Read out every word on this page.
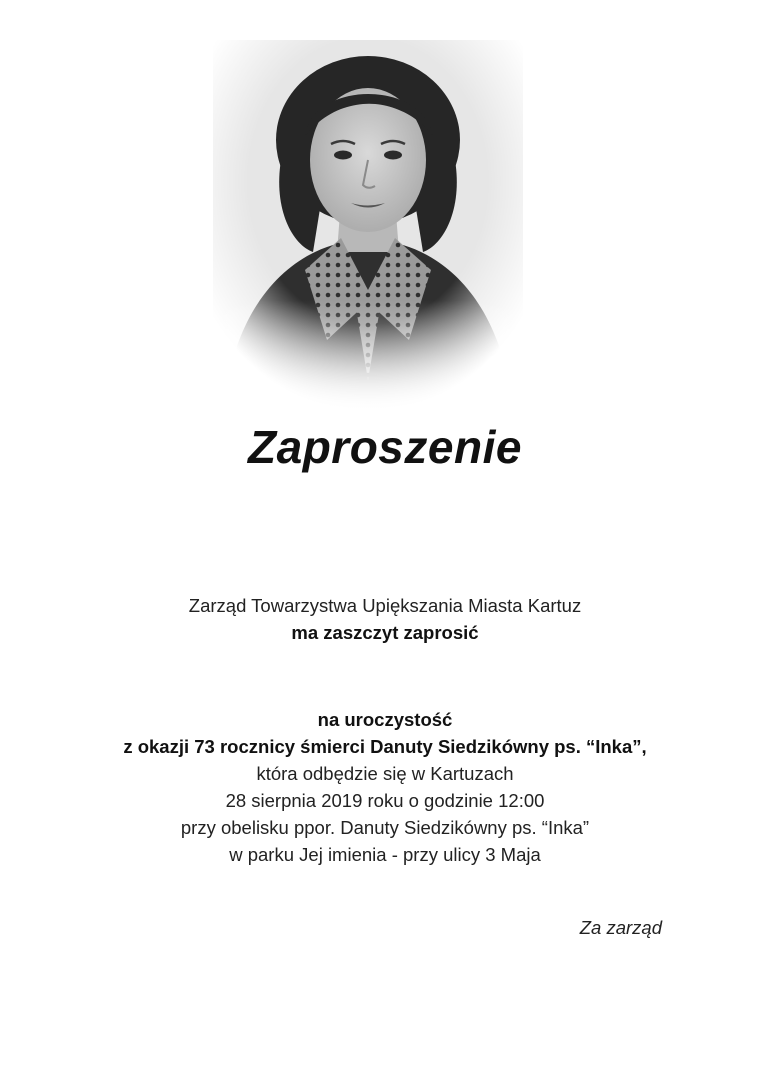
Zaproszenie
Zarząd Towarzystwa Upiększania Miasta Kartuz
ma zaszczyt zaprosić
na uroczystość
z okazji 73 rocznicy śmierci Danuty Siedzikówny ps. “Inka”,
która odbędzie się w Kartuzach
28 sierpnia 2019 roku o godzinie 12:00
przy obelisku ppor. Danuty Siedzikówny ps. “Inka”
w parku Jej imienia - przy ulicy 3 Maja
Za zarząd
